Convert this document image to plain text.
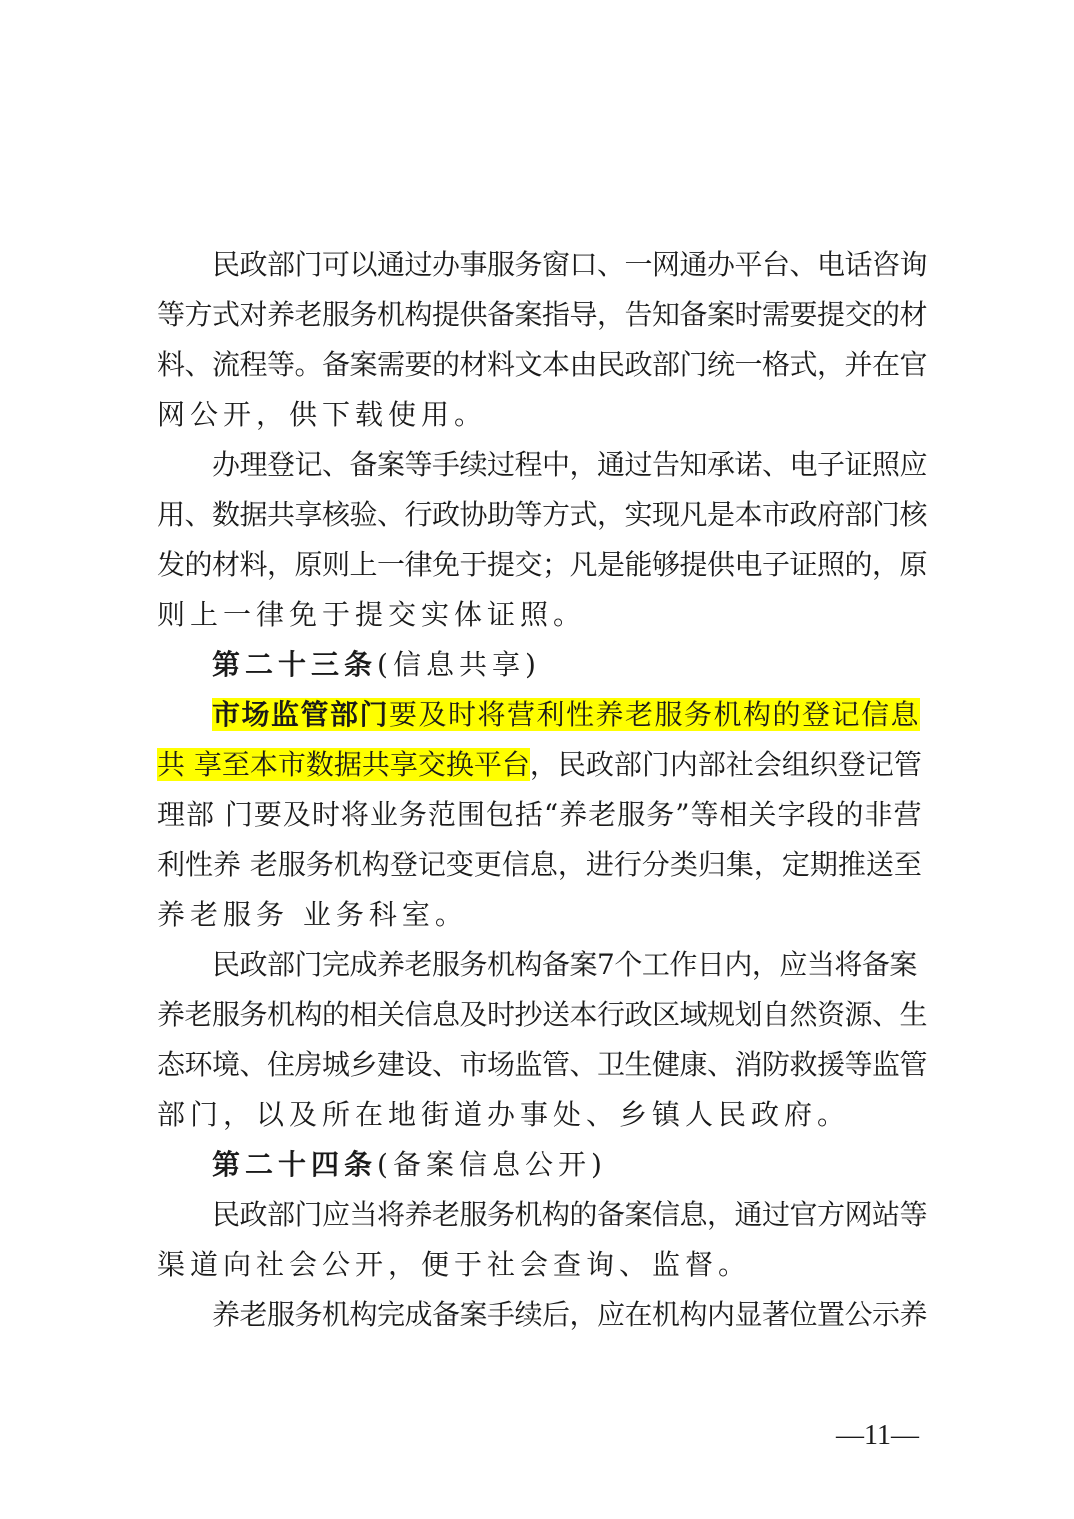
民政部门可以通过办事服务窗口、一网通办平台、电话咨询
等方式对养老服务机构提供备案指导，告知备案时需要提交的材
料、流程等。备案需要的材料文本由民政部门统一格式，并在官
网公开，供下载使用。
办理登记、备案等手续过程中，通过告知承诺、电子证照应
用、数据共享核验、行政协助等方式，实现凡是本市政府部门核
发的材料，原则上一律免于提交；凡是能够提供电子证照的，原
则上一律免于提交实体证照。
第二十三条(信息共享)
市场监管部门要及时将营利性养老服务机构的登记信息
共 享至本市数据共享交换平台，民政部门内部社会组织登记管
理部 门要及时将业务范围包括“养老服务”等相关字段的非营
利性养 老服务机构登记变更信息，进行分类归集，定期推送至
养老服务 业务科室。
民政部门完成养老服务机构备案7个工作日内，应当将备案
养老服务机构的相关信息及时抄送本行政区域规划自然资源、生
态环境、住房城乡建设、市场监管、卫生健康、消防救援等监管
部门，以及所在地街道办事处、乡镇人民政府。
第二十四条(备案信息公开)
民政部门应当将养老服务机构的备案信息，通过官方网站等
渠道向社会公开，便于社会查询、监督。
养老服务机构完成备案手续后，应在机构内显著位置公示养
—11—
